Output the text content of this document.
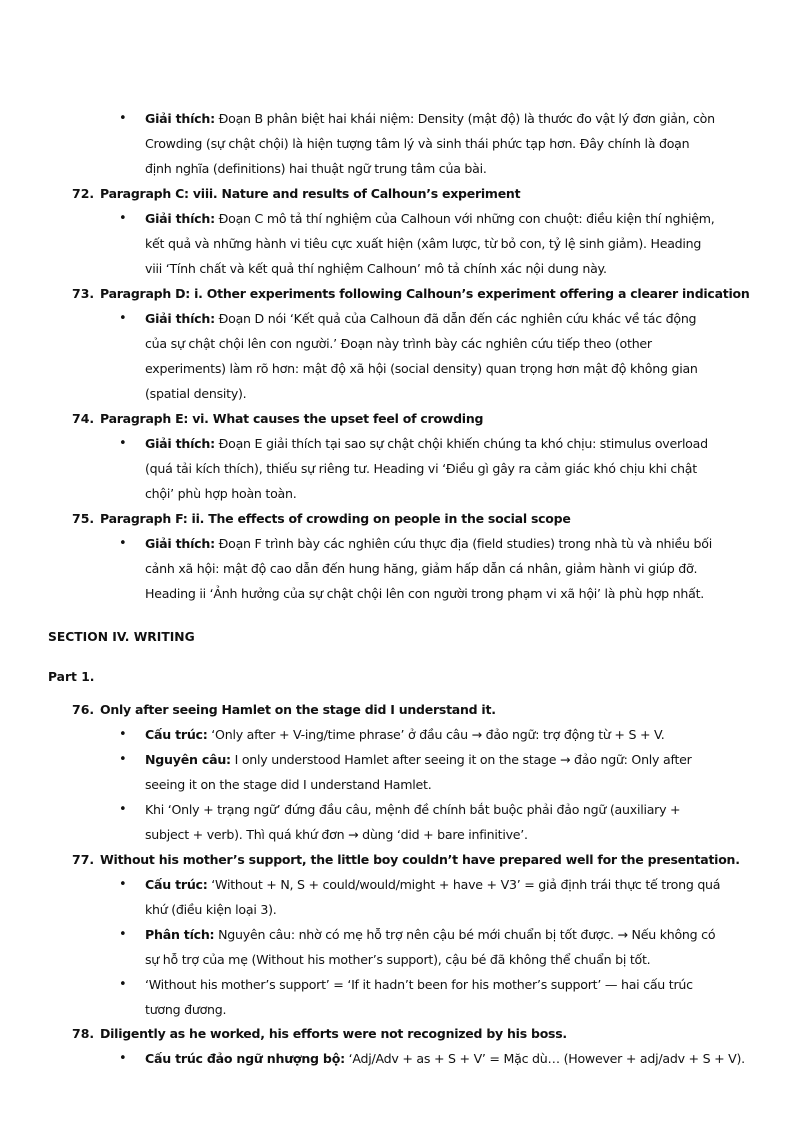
• Giải thích: Đoạn B phân biệt hai khái niệm: Density (mật độ) là thước đo vật lý đơn giản, còn
Crowding (sự chật chội) là hiện tượng tâm lý và sinh thái phức tạp hơn. Đây chính là đoạn
định nghĩa (definitions) hai thuật ngữ trung tâm của bài.
72. Paragraph C: viii. Nature and results of Calhoun’s experiment
• Giải thích: Đoạn C mô tả thí nghiệm của Calhoun với những con chuột: điều kiện thí nghiệm,
kết quả và những hành vi tiêu cực xuất hiện (xâm lược, từ bỏ con, tỷ lệ sinh giảm). Heading
viii ‘Tính chất và kết quả thí nghiệm Calhoun’ mô tả chính xác nội dung này.
73. Paragraph D: i. Other experiments following Calhoun’s experiment offering a clearer indication
• Giải thích: Đoạn D nói ‘Kết quả của Calhoun đã dẫn đến các nghiên cứu khác về tác động
của sự chật chội lên con người.’ Đoạn này trình bày các nghiên cứu tiếp theo (other
experiments) làm rõ hơn: mật độ xã hội (social density) quan trọng hơn mật độ không gian
(spatial density).
74. Paragraph E: vi. What causes the upset feel of crowding
• Giải thích: Đoạn E giải thích tại sao sự chật chội khiến chúng ta khó chịu: stimulus overload
(quá tải kích thích), thiếu sự riêng tư. Heading vi ‘Điều gì gây ra cảm giác khó chịu khi chật
chội’ phù hợp hoàn toàn.
75. Paragraph F: ii. The effects of crowding on people in the social scope
• Giải thích: Đoạn F trình bày các nghiên cứu thực địa (field studies) trong nhà tù và nhiều bối
cảnh xã hội: mật độ cao dẫn đến hung hăng, giảm hấp dẫn cá nhân, giảm hành vi giúp đỡ.
Heading ii ‘Ảnh hưởng của sự chật chội lên con người trong phạm vi xã hội’ là phù hợp nhất.
SECTION IV. WRITING
Part 1.
76. Only after seeing Hamlet on the stage did I understand it.
• Cấu trúc: ‘Only after + V-ing/time phrase’ ở đầu câu → đảo ngữ: trợ động từ + S + V.
• Nguyên câu: I only understood Hamlet after seeing it on the stage → đảo ngữ: Only after
seeing it on the stage did I understand Hamlet.
• Khi ‘Only + trạng ngữ’ đứng đầu câu, mệnh đề chính bắt buộc phải đảo ngữ (auxiliary +
subject + verb). Thì quá khứ đơn → dùng ‘did + bare infinitive’.
77. Without his mother’s support, the little boy couldn’t have prepared well for the presentation.
• Cấu trúc: ‘Without + N, S + could/would/might + have + V3’ = giả định trái thực tế trong quá
khứ (điều kiện loại 3).
• Phân tích: Nguyên câu: nhờ có mẹ hỗ trợ nên cậu bé mới chuẩn bị tốt được. → Nếu không có
sự hỗ trợ của mẹ (Without his mother’s support), cậu bé đã không thể chuẩn bị tốt.
• ‘Without his mother’s support’ = ‘If it hadn’t been for his mother’s support’ — hai cấu trúc
tương đương.
78. Diligently as he worked, his efforts were not recognized by his boss.
• Cấu trúc đảo ngữ nhượng bộ: ‘Adj/Adv + as + S + V’ = Mặc dù… (However + adj/adv + S + V).
